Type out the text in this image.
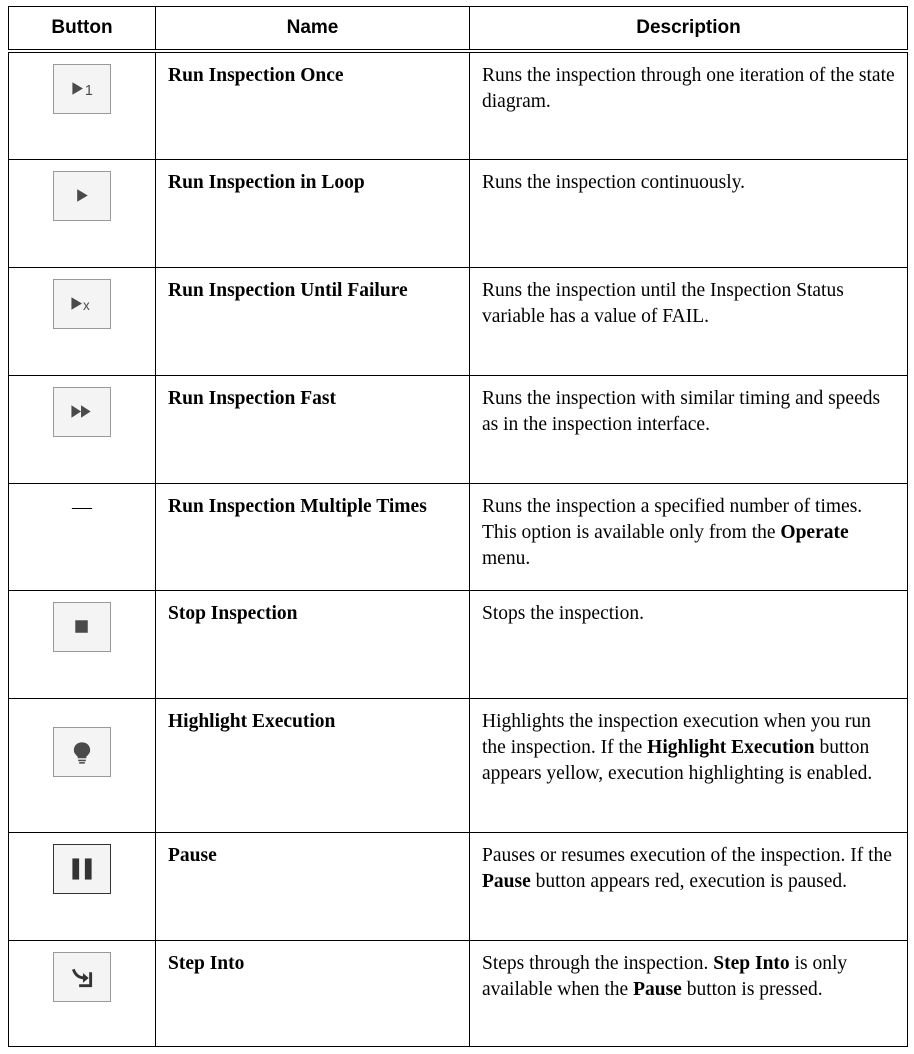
Button	Name	Description

1	Run Inspection Once	Runs the inspection through one iteration of the state diagram.

	Run Inspection in Loop	Runs the inspection continuously.

x	Run Inspection Until Failure	Runs the inspection until the Inspection Status variable has a value of FAIL.

	Run Inspection Fast	Runs the inspection with similar timing and speeds as in the inspection interface.
—	Run Inspection Multiple Times	Runs the inspection a specified number of times. This option is available only from the Operate menu.

	Stop Inspection	Stops the inspection.

	Highlight Execution	Highlights the inspection execution when you run the inspection. If the Highlight Execution button appears yellow, execution highlighting is enabled.

	Pause	Pauses or resumes execution of the inspection. If the Pause button appears red, execution is paused.

	Step Into	Steps through the inspection. Step Into is only available when the Pause button is pressed.
